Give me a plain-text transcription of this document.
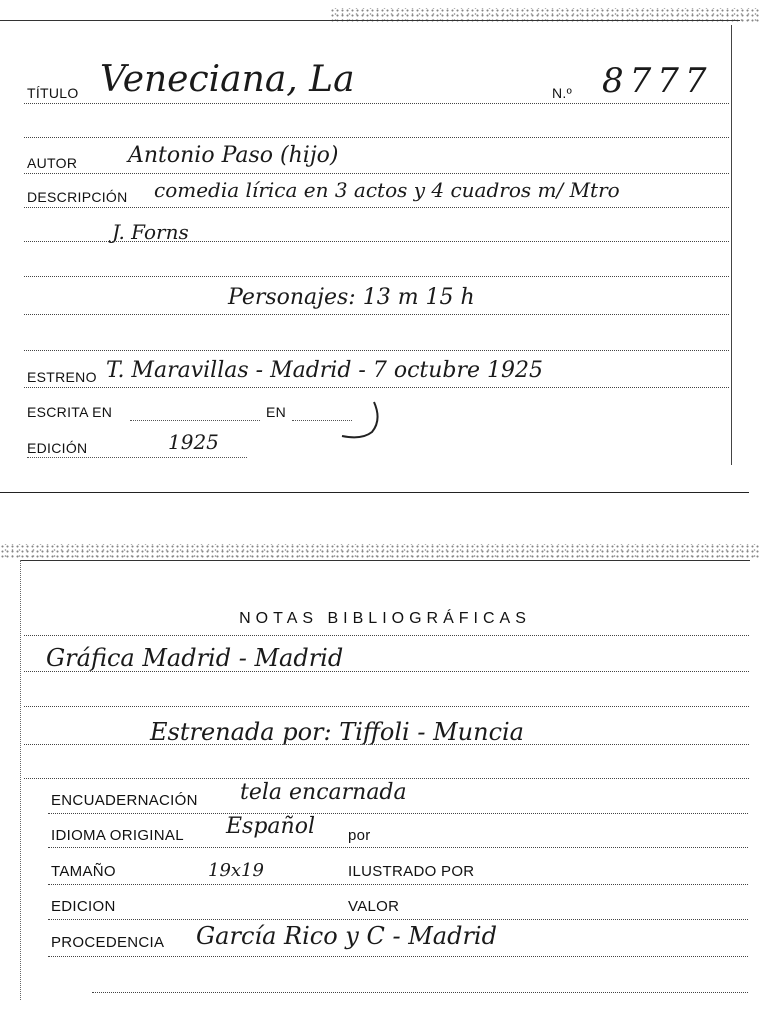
TÍTULO Veneciana, La	N.º 8777
AUTOR Antonio Paso (hijo)
DESCRIPCIÓN comedia lírica en 3 actos y 4 cuadros m/ Mtro
J. Forns
Personajes: 13 m 15 h
ESTRENO T. Maravillas - Madrid - 7 octubre 1925
ESCRITA EN	EN
EDICIÓN	1925
NOTAS BIBLIOGRÁFICAS
Gráfica Madrid - Madrid
Estrenada por: Tiffoli - Muncia
ENCUADERNACIÓN tela encarnada
IDIOMA ORIGINAL Español por
TAMAÑO	19x19	ILUSTRADO POR
EDICION	VALOR
PROCEDENCIA García Rico y C - Madrid
